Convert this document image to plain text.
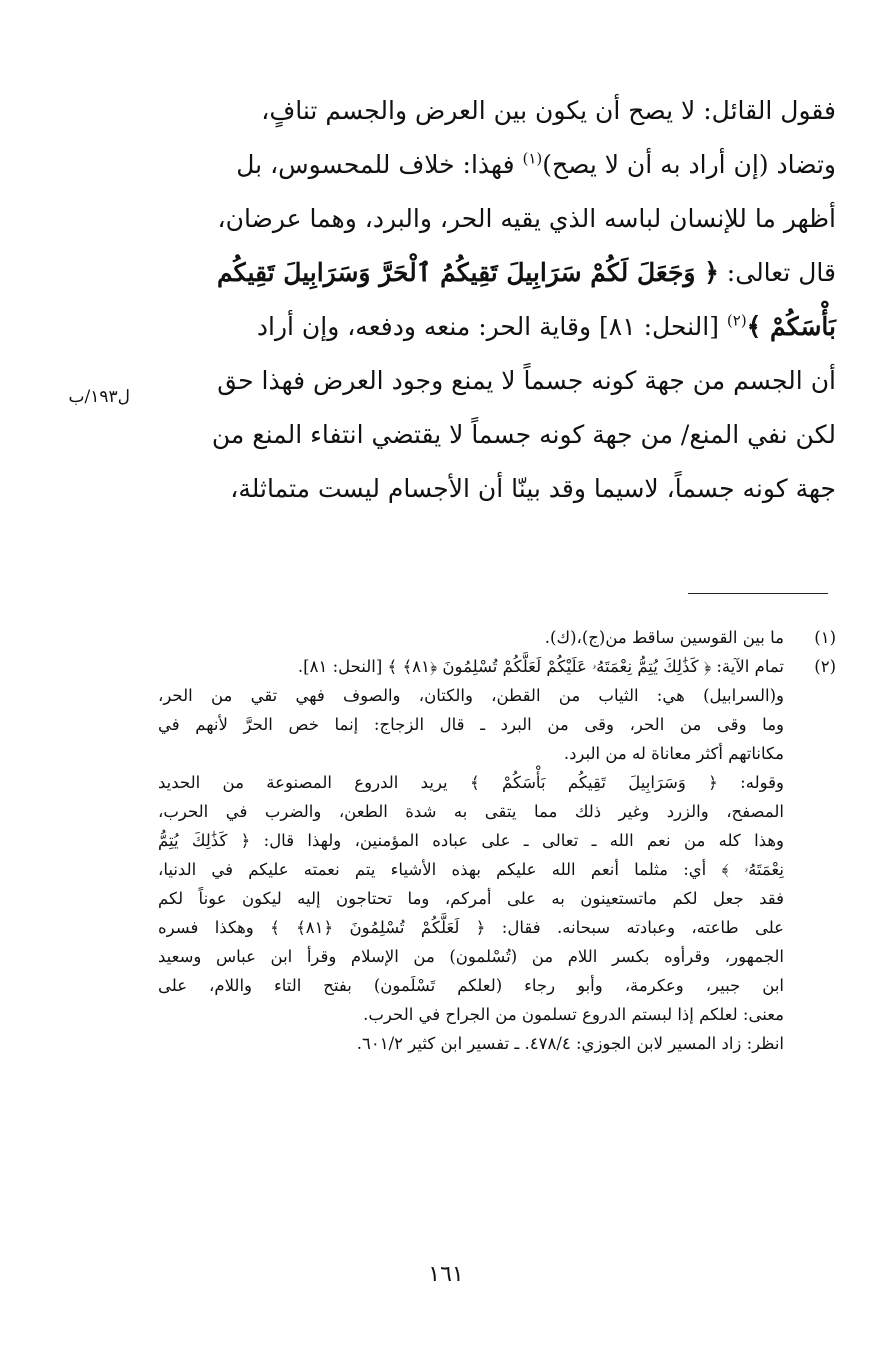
فقول القائل: لا يصح أن يكون بين العرض والجسم تنافٍ،
وتضاد (إن أراد به أن لا يصح)$^{(١)}$ فهذا: خلاف للمحسوس، بل
أظهر ما للإنسان لباسه الذي يقيه الحر، والبرد، وهما عرضان،
قال تعالى: ﴿ وَجَعَلَ لَكُمْ سَرَابِيلَ تَقِيكُمُ ٱلْحَرَّ وَسَرَابِيلَ تَقِيكُم
بَأْسَكُمْ ﴾$^{(٢)}$ [النحل: ٨١] وقاية الحر: منعه ودفعه، وإن أراد
أن الجسم من جهة كونه جسماً لا يمنع وجود العرض فهذا حق
لكن نفي المنع/ من جهة كونه جسماً لا يقتضي انتفاء المنع من
جهة كونه جسماً، لاسيما وقد بينّا أن الأجسام ليست متماثلة،
ل١٩٣/ب
(١)
ما بين القوسين ساقط من(ج)،(ك).
(٢)
تمام الآية: ﴿ كَذَٰلِكَ يُتِمُّ نِعْمَتَهُۥ عَلَيْكُمْ لَعَلَّكُمْ تُسْلِمُونَ ﴿٨١﴾ ﴾ [النحل: ٨١].
و(السرابيل) هي: الثياب من القطن، والكتان، والصوف فهي تقي من الحر،
وما وقى من الحر، وقى من البرد ـ قال الزجاج: إنما خص الحرَّ لأنهم في
مكاناتهم أكثر معاناة له من البرد.
وقوله: ﴿ وَسَرَابِيلَ تَقِيكُم بَأْسَكُمْ ﴾ يريد الدروع المصنوعة من الحديد
المصفح، والزرد وغير ذلك مما يتقى به شدة الطعن، والضرب في الحرب،
وهذا كله من نعم الله ـ تعالى ـ على عباده المؤمنين، ولهذا قال: ﴿ كَذَٰلِكَ يُتِمُّ
نِعْمَتَهُۥ ﴾ أي: مثلما أنعم الله عليكم بهذه الأشياء يتم نعمته عليكم في الدنيا،
فقد جعل لكم ماتستعينون به على أمركم، وما تحتاجون إليه ليكون عوناً لكم
على طاعته، وعبادته سبحانه. فقال: ﴿ لَعَلَّكُمْ تُسْلِمُونَ ﴿٨١﴾ ﴾ وهكذا فسره
الجمهور، وقرأوه بكسر اللام من (تُسْلمون) من الإسلام وقرأ ابن عباس وسعيد
ابن جبير، وعكرمة، وأبو رجاء (لعلكم تَسْلَمون) بفتح التاء واللام، على
معنى: لعلكم إذا لبستم الدروع تسلمون من الجراح في الحرب.
انظر: زاد المسير لابن الجوزي: ٤٧٨/٤. ـ تفسير ابن كثير ٦٠١/٢.
١٦١
